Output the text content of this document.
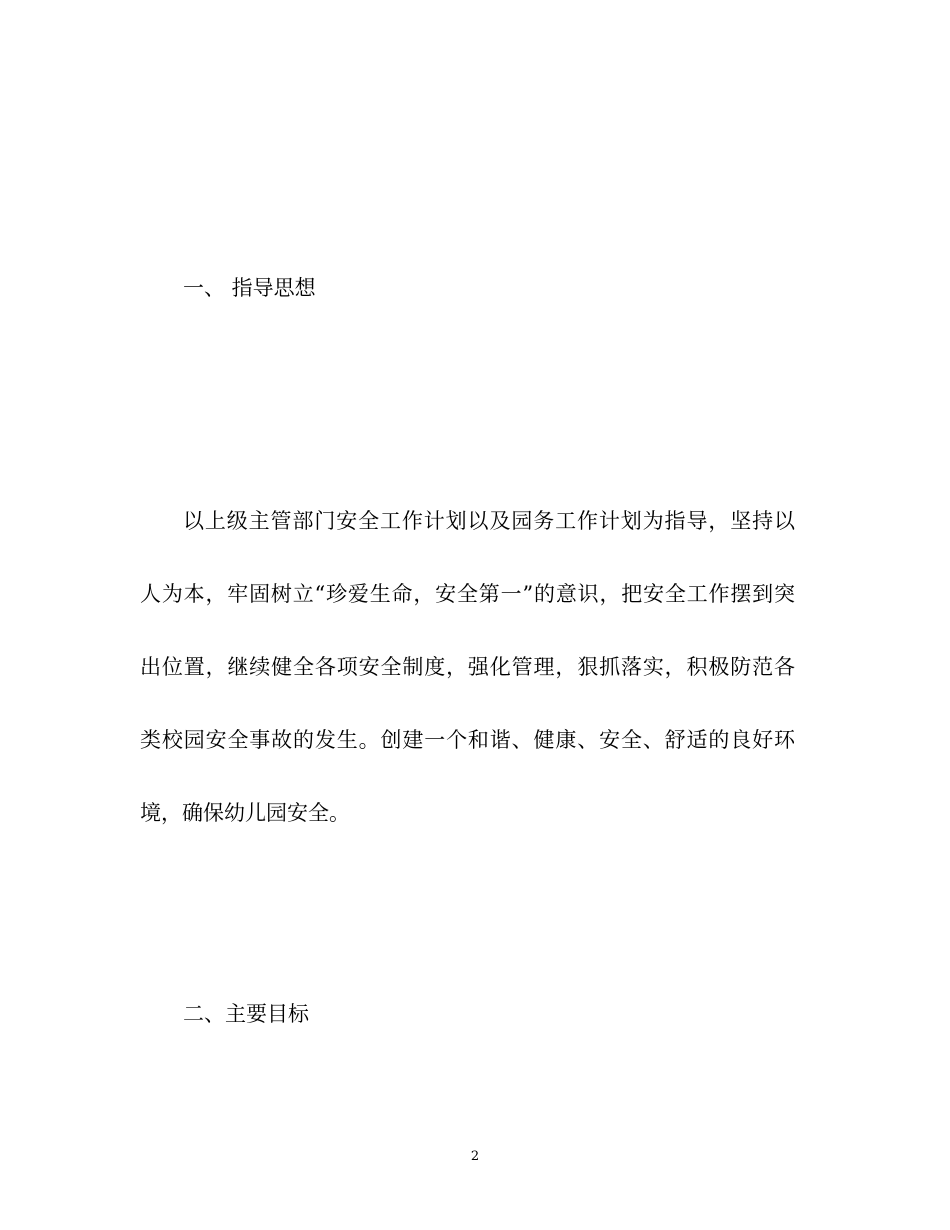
一、 指导思想
以上级主管部门安全工作计划以及园务工作计划为指导，坚持以
人为本，牢固树立“珍爱生命，安全第一”的意识，把安全工作摆到突
出位置，继续健全各项安全制度，强化管理，狠抓落实，积极防范各
类校园安全事故的发生。创建一个和谐、健康、安全、舒适的良好环
境，确保幼儿园安全。
二、主要目标
2
